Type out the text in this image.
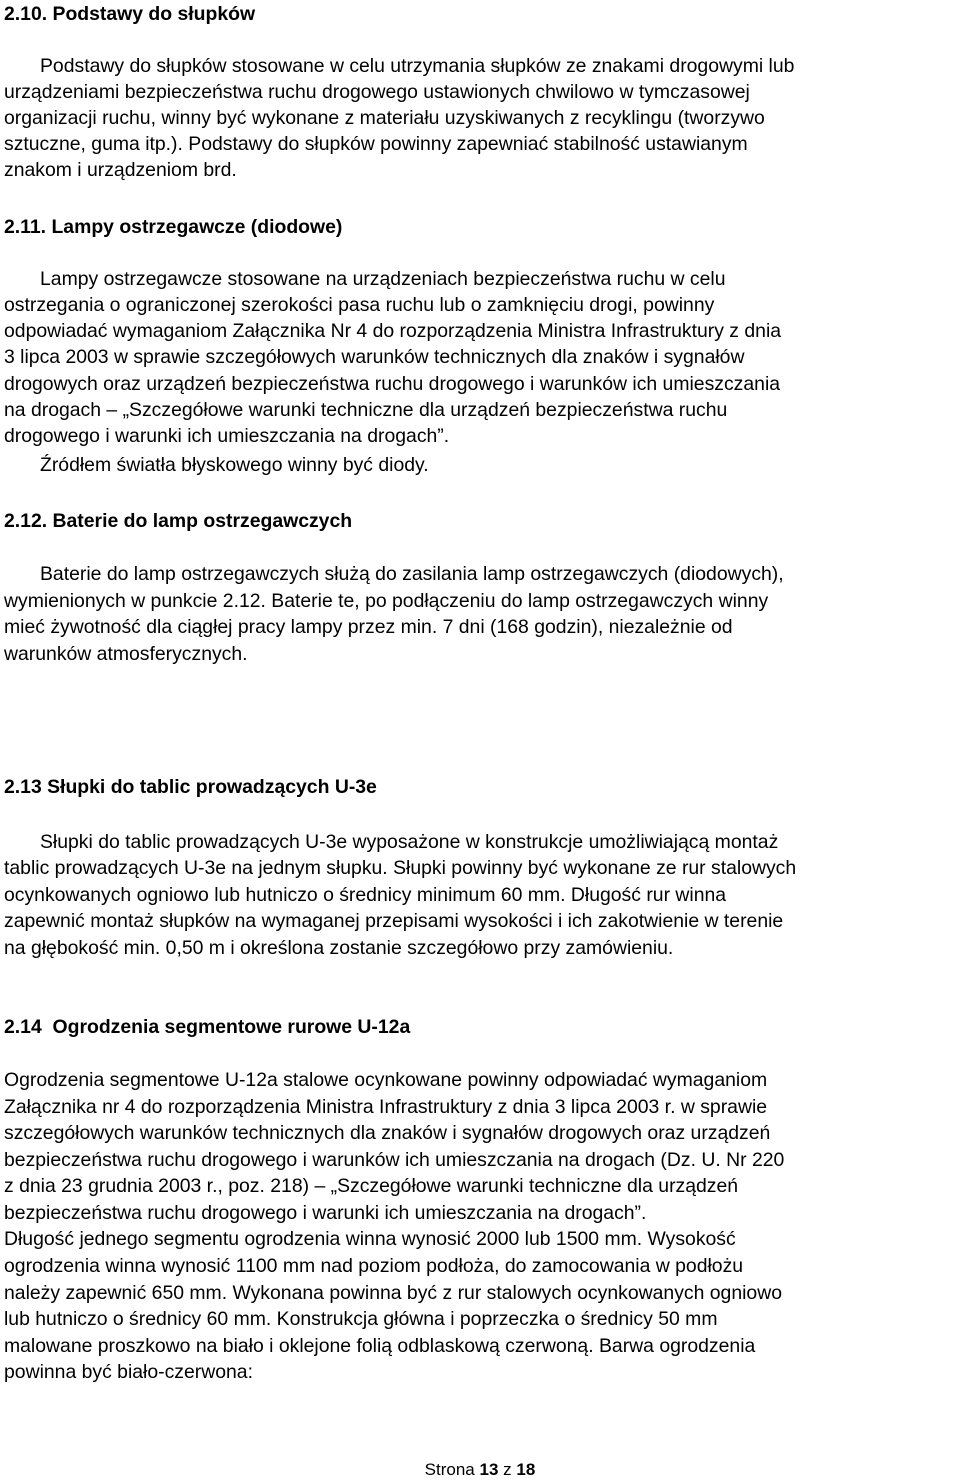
2.10. Podstawy do słupków
Podstawy do słupków stosowane w celu utrzymania słupków ze znakami drogowymi lub
urządzeniami bezpieczeństwa ruchu drogowego ustawionych chwilowo w tymczasowej
organizacji ruchu, winny być wykonane z materiału uzyskiwanych z recyklingu (tworzywo
sztuczne, guma itp.). Podstawy do słupków powinny zapewniać stabilność ustawianym
znakom i urządzeniom brd.
2.11. Lampy ostrzegawcze (diodowe)
Lampy ostrzegawcze stosowane na urządzeniach bezpieczeństwa ruchu w celu
ostrzegania o ograniczonej szerokości pasa ruchu lub o zamknięciu drogi, powinny
odpowiadać wymaganiom Załącznika Nr 4 do rozporządzenia Ministra Infrastruktury z dnia
3 lipca 2003 w sprawie szczegółowych warunków technicznych dla znaków i sygnałów
drogowych oraz urządzeń bezpieczeństwa ruchu drogowego i warunków ich umieszczania
na drogach – „Szczegółowe warunki techniczne dla urządzeń bezpieczeństwa ruchu
drogowego i warunki ich umieszczania na drogach”.
Źródłem światła błyskowego winny być diody.
2.12. Baterie do lamp ostrzegawczych
Baterie do lamp ostrzegawczych służą do zasilania lamp ostrzegawczych (diodowych),
wymienionych w punkcie 2.12. Baterie te, po podłączeniu do lamp ostrzegawczych winny
mieć żywotność dla ciągłej pracy lampy przez min. 7 dni (168 godzin), niezależnie od
warunków atmosferycznych.
2.13 Słupki do tablic prowadzących U-3e
Słupki do tablic prowadzących U-3e wyposażone w konstrukcje umożliwiającą montaż
tablic prowadzących U-3e na jednym słupku. Słupki powinny być wykonane ze rur stalowych
ocynkowanych ogniowo lub hutniczo o średnicy minimum 60 mm. Długość rur winna
zapewnić montaż słupków na wymaganej przepisami wysokości i ich zakotwienie w terenie
na głębokość min. 0,50 m i określona zostanie szczegółowo przy zamówieniu.
2.14  Ogrodzenia segmentowe rurowe U-12a
Ogrodzenia segmentowe U-12a stalowe ocynkowane powinny odpowiadać wymaganiom
Załącznika nr 4 do rozporządzenia Ministra Infrastruktury z dnia 3 lipca 2003 r. w sprawie
szczegółowych warunków technicznych dla znaków i sygnałów drogowych oraz urządzeń
bezpieczeństwa ruchu drogowego i warunków ich umieszczania na drogach (Dz. U. Nr 220
z dnia 23 grudnia 2003 r., poz. 218) – „Szczegółowe warunki techniczne dla urządzeń
bezpieczeństwa ruchu drogowego i warunki ich umieszczania na drogach”.
Długość jednego segmentu ogrodzenia winna wynosić 2000 lub 1500 mm. Wysokość
ogrodzenia winna wynosić 1100 mm nad poziom podłoża, do zamocowania w podłożu
należy zapewnić 650 mm. Wykonana powinna być z rur stalowych ocynkowanych ogniowo
lub hutniczo o średnicy 60 mm. Konstrukcja główna i poprzeczka o średnicy 50 mm
malowane proszkowo na biało i oklejone folią odblaskową czerwoną. Barwa ogrodzenia
powinna być biało-czerwona:
Strona 13 z 18
